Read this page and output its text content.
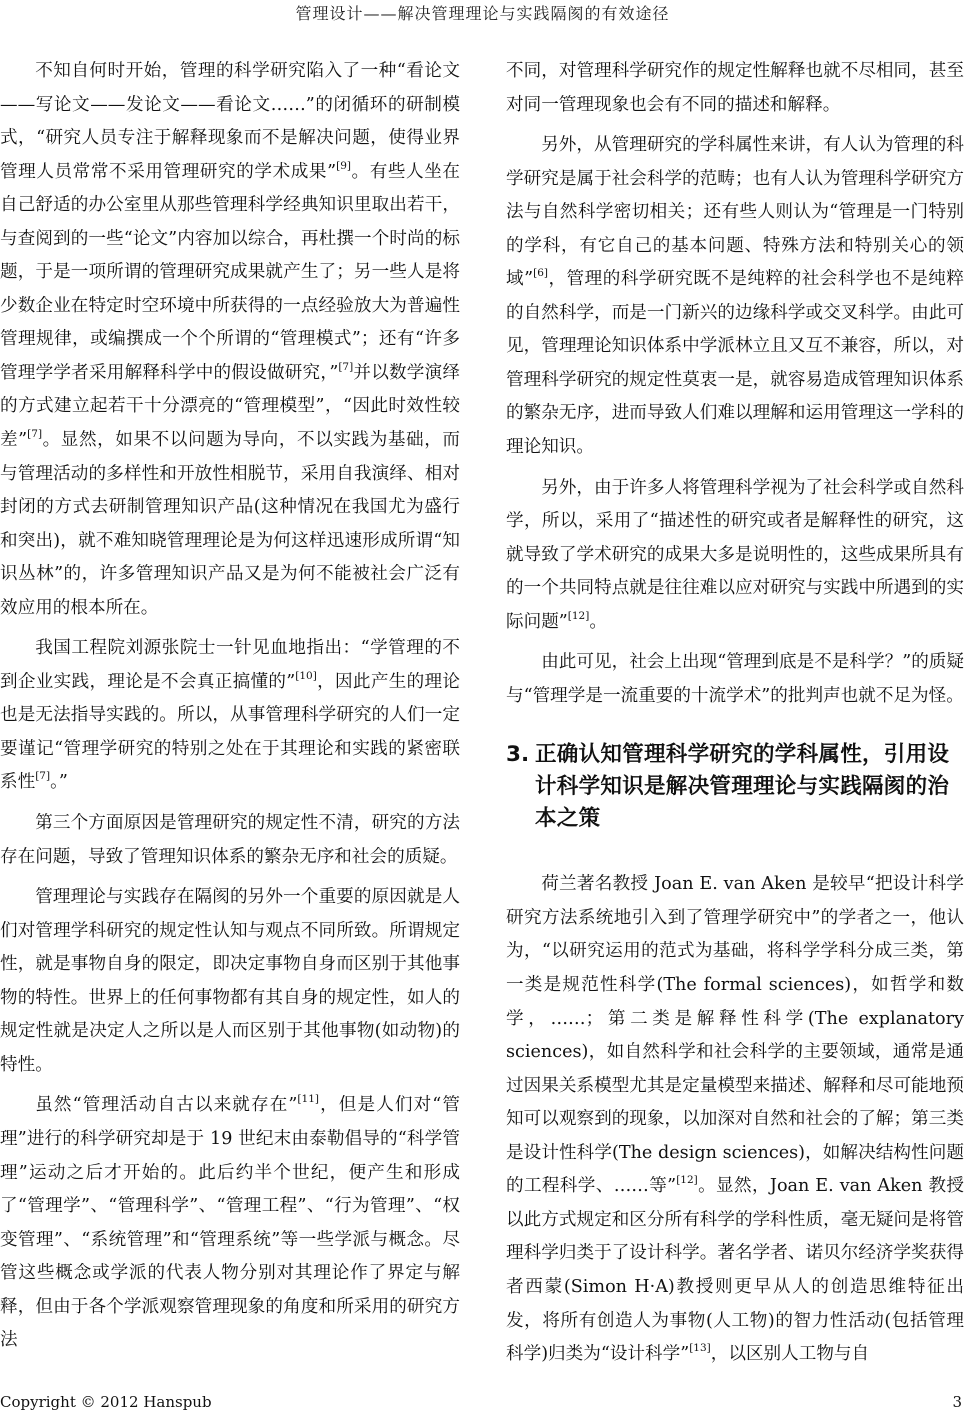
管理设计——解决管理理论与实践隔阂的有效途径

不知自何时开始，管理的科学研究陷入了一种“看论文——写论文——发论文——看论文……”的闭循环的研制模式，“研究人员专注于解释现象而不是解决问题，使得业界管理人员常常不采用管理研究的学术成果”[9]。有些人坐在自己舒适的办公室里从那些管理科学经典知识里取出若干，与查阅到的一些“论文”内容加以综合，再杜撰一个时尚的标题，于是一项所谓的管理研究成果就产生了；另一些人是将少数企业在特定时空环境中所获得的一点经验放大为普遍性管理规律，或编撰成一个个所谓的“管理模式”；还有“许多管理学学者采用解释科学中的假设做研究，”[7]并以数学演绎的方式建立起若干十分漂亮的“管理模型”，“因此时效性较差”[7]。显然，如果不以问题为导向，不以实践为基础，而与管理活动的多样性和开放性相脱节，采用自我演绎、相对封闭的方式去研制管理知识产品(这种情况在我国尤为盛行和突出)，就不难知晓管理理论是为何这样迅速形成所谓“知识丛林”的，许多管理知识产品又是为何不能被社会广泛有效应用的根本所在。

我国工程院刘源张院士一针见血地指出：“学管理的不到企业实践，理论是不会真正搞懂的”[10]，因此产生的理论也是无法指导实践的。所以，从事管理科学研究的人们一定要谨记“管理学研究的特别之处在于其理论和实践的紧密联系性[7]。”

第三个方面原因是管理研究的规定性不清，研究的方法存在问题，导致了管理知识体系的繁杂无序和社会的质疑。

管理理论与实践存在隔阂的另外一个重要的原因就是人们对管理学科研究的规定性认知与观点不同所致。所谓规定性，就是事物自身的限定，即决定事物自身而区别于其他事物的特性。世界上的任何事物都有其自身的规定性，如人的规定性就是决定人之所以是人而区别于其他事物(如动物)的特性。

虽然“管理活动自古以来就存在”[11]，但是人们对“管理”进行的科学研究却是于 19 世纪末由泰勒倡导的“科学管理”运动之后才开始的。此后约半个世纪，便产生和形成了“管理学”、“管理科学”、“管理工程”、“行为管理”、“权变管理”、“系统管理”和“管理系统”等一些学派与概念。尽管这些概念或学派的代表人物分别对其理论作了界定与解释，但由于各个学派观察管理现象的角度和所采用的研究方法

不同，对管理科学研究作的规定性解释也就不尽相同，甚至对同一管理现象也会有不同的描述和解释。

另外，从管理研究的学科属性来讲，有人认为管理的科学研究是属于社会科学的范畴；也有人认为管理科学研究方法与自然科学密切相关；还有些人则认为“管理是一门特别的学科，有它自己的基本问题、特殊方法和特别关心的领域”[6]，管理的科学研究既不是纯粹的社会科学也不是纯粹的自然科学，而是一门新兴的边缘科学或交叉科学。由此可见，管理理论知识体系中学派林立且又互不兼容，所以，对管理科学研究的规定性莫衷一是，就容易造成管理知识体系的繁杂无序，进而导致人们难以理解和运用管理这一学科的理论知识。

另外，由于许多人将管理科学视为了社会科学或自然科学，所以，采用了“描述性的研究或者是解释性的研究，这就导致了学术研究的成果大多是说明性的，这些成果所具有的一个共同特点就是往往难以应对研究与实践中所遇到的实际问题”[12]。

由此可见，社会上出现“管理到底是不是科学？”的质疑与“管理学是一流重要的十流学术”的批判声也就不足为怪。

3. 正确认知管理科学研究的学科属性，引用设计科学知识是解决管理理论与实践隔阂的治本之策

荷兰著名教授 Joan E. van Aken 是较早“把设计科学研究方法系统地引入到了管理学研究中”的学者之一，他认为，“以研究运用的范式为基础，将科学学科分成三类，第一类是规范性科学(The formal sciences)，如哲学和数学，……；第二类是解释性科学(The explanatory sciences)，如自然科学和社会科学的主要领域，通常是通过因果关系模型尤其是定量模型来描述、解释和尽可能地预知可以观察到的现象，以加深对自然和社会的了解；第三类是设计性科学(The design sciences)，如解决结构性问题的工程科学、……等”[12]。显然，Joan E. van Aken 教授以此方式规定和区分所有科学的学科性质，毫无疑问是将管理科学归类于了设计科学。著名学者、诺贝尔经济学奖获得者西蒙(Simon H·A)教授则更早从人的创造思维特征出发，将所有创造人为事物(人工物)的智力性活动(包括管理科学)归类为“设计科学”[13]，以区别人工物与自

Copyright © 2012 Hanspub	3
